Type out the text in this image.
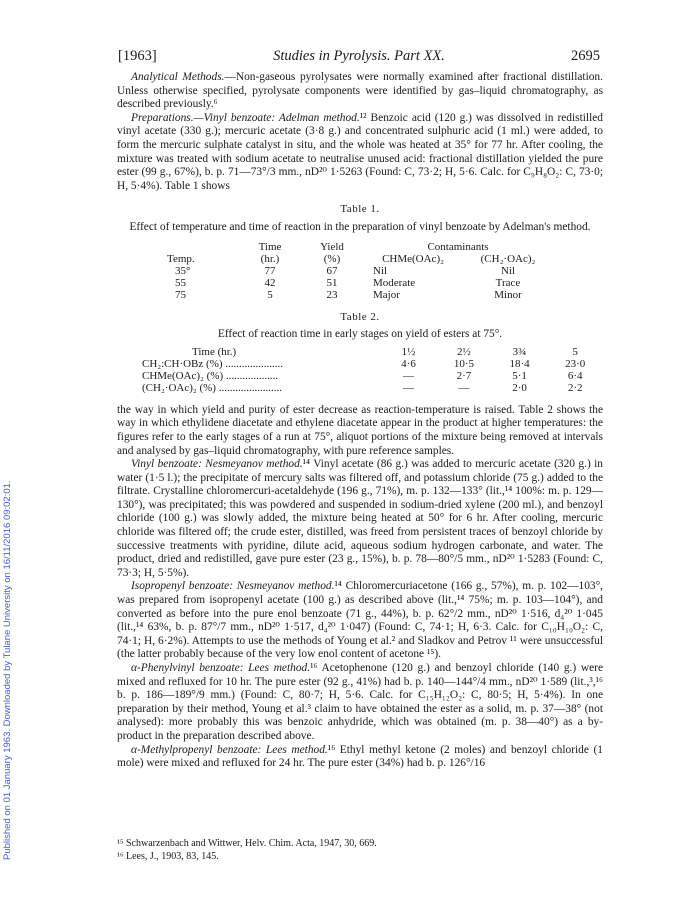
Published on 01 January 1963. Downloaded by Tulane University on 16/11/2016 09:02:01.
[1963]	Studies in Pyrolysis. Part XX.	2695

Analytical Methods.—Non-gaseous pyrolysates were normally examined after fractional distillation. Unless otherwise specified, pyrolysate components were identified by gas–liquid chromatography, as described previously.⁶

Preparations.—Vinyl benzoate: Adelman method.¹² Benzoic acid (120 g.) was dissolved in redistilled vinyl acetate (330 g.); mercuric acetate (3·8 g.) and concentrated sulphuric acid (1 ml.) were added, to form the mercuric sulphate catalyst in situ, and the whole was heated at 35° for 77 hr. After cooling, the mixture was treated with sodium acetate to neutralise unused acid: fractional distillation yielded the pure ester (99 g., 67%), b. p. 71—73°/3 mm., nD²⁰ 1·5263 (Found: C, 73·2; H, 5·6. Calc. for C₉H₈O₂: C, 73·0; H, 5·4%). Table 1 shows

Table 1.
Effect of temperature and time of reaction in the preparation of vinyl benzoate by Adelman's method.
	Time	Yield	Contaminants	
Temp.	(hr.)	(%)	CHMe(OAc)₂	(CH₂·OAc)₂
35°	77	67	Nil	Nil
55	42	51	Moderate	Trace
75	5	23	Major	Minor
Table 2.
Effect of reaction time in early stages on yield of esters at 75°.
Time (hr.)	1½	2½	3¾	5
CH₂:CH·OBz (%) .....................	4·6	10·5	18·4	23·0
CHMe(OAc)₂ (%) ...................	—	2·7	5·1	6·4
(CH₂·OAc)₂ (%) .......................	—	—	2·0	2·2

the way in which yield and purity of ester decrease as reaction-temperature is raised. Table 2 shows the way in which ethylidene diacetate and ethylene diacetate appear in the product at higher temperatures: the figures refer to the early stages of a run at 75°, aliquot portions of the mixture being removed at intervals and analysed by gas–liquid chromatography, with pure reference samples.

Vinyl benzoate: Nesmeyanov method.¹⁴ Vinyl acetate (86 g.) was added to mercuric acetate (320 g.) in water (1·5 l.); the precipitate of mercury salts was filtered off, and potassium chloride (75 g.) added to the filtrate. Crystalline chloromercuri-acetaldehyde (196 g., 71%), m. p. 132—133° (lit.,¹⁴ 100%: m. p. 129—130°), was precipitated; this was powdered and suspended in sodium-dried xylene (200 ml.), and benzoyl chloride (100 g.) was slowly added, the mixture being heated at 50° for 6 hr. After cooling, mercuric chloride was filtered off; the crude ester, distilled, was freed from persistent traces of benzoyl chloride by successive treatments with pyridine, dilute acid, aqueous sodium hydrogen carbonate, and water. The product, dried and redistilled, gave pure ester (23 g., 15%), b. p. 78—80°/5 mm., nD²⁰ 1·5283 (Found: C, 73·3; H, 5·5%).

Isopropenyl benzoate: Nesmeyanov method.¹⁴ Chloromercuriacetone (166 g., 57%), m. p. 102—103°, was prepared from isopropenyl acetate (100 g.) as described above (lit.,¹⁴ 75%; m. p. 103—104°), and converted as before into the pure enol benzoate (71 g., 44%), b. p. 62°/2 mm., nD²⁰ 1·516, d₄²⁰ 1·045 (lit.,¹⁴ 63%, b. p. 87°/7 mm., nD²⁰ 1·517, d₄²⁰ 1·047) (Found: C, 74·1; H, 6·3. Calc. for C₁₀H₁₀O₂: C, 74·1; H, 6·2%). Attempts to use the methods of Young et al.² and Sladkov and Petrov ¹¹ were unsuccessful (the latter probably because of the very low enol content of acetone ¹⁵).

α-Phenylvinyl benzoate: Lees method.¹⁶ Acetophenone (120 g.) and benzoyl chloride (140 g.) were mixed and refluxed for 10 hr. The pure ester (92 g., 41%) had b. p. 140—144°/4 mm., nD²⁰ 1·589 (lit.,³,¹⁶ b. p. 186—189°/9 mm.) (Found: C, 80·7; H, 5·6. Calc. for C₁₅H₁₂O₂: C, 80·5; H, 5·4%). In one preparation by their method, Young et al.³ claim to have obtained the ester as a solid, m. p. 37—38° (not analysed): more probably this was benzoic anhydride, which was obtained (m. p. 38—40°) as a by-product in the preparation described above.

α-Methylpropenyl benzoate: Lees method.¹⁶ Ethyl methyl ketone (2 moles) and benzoyl chloride (1 mole) were mixed and refluxed for 24 hr. The pure ester (34%) had b. p. 126°/16

¹⁵ Schwarzenbach and Wittwer, Helv. Chim. Acta, 1947, 30, 669.
¹⁶ Lees, J., 1903, 83, 145.
